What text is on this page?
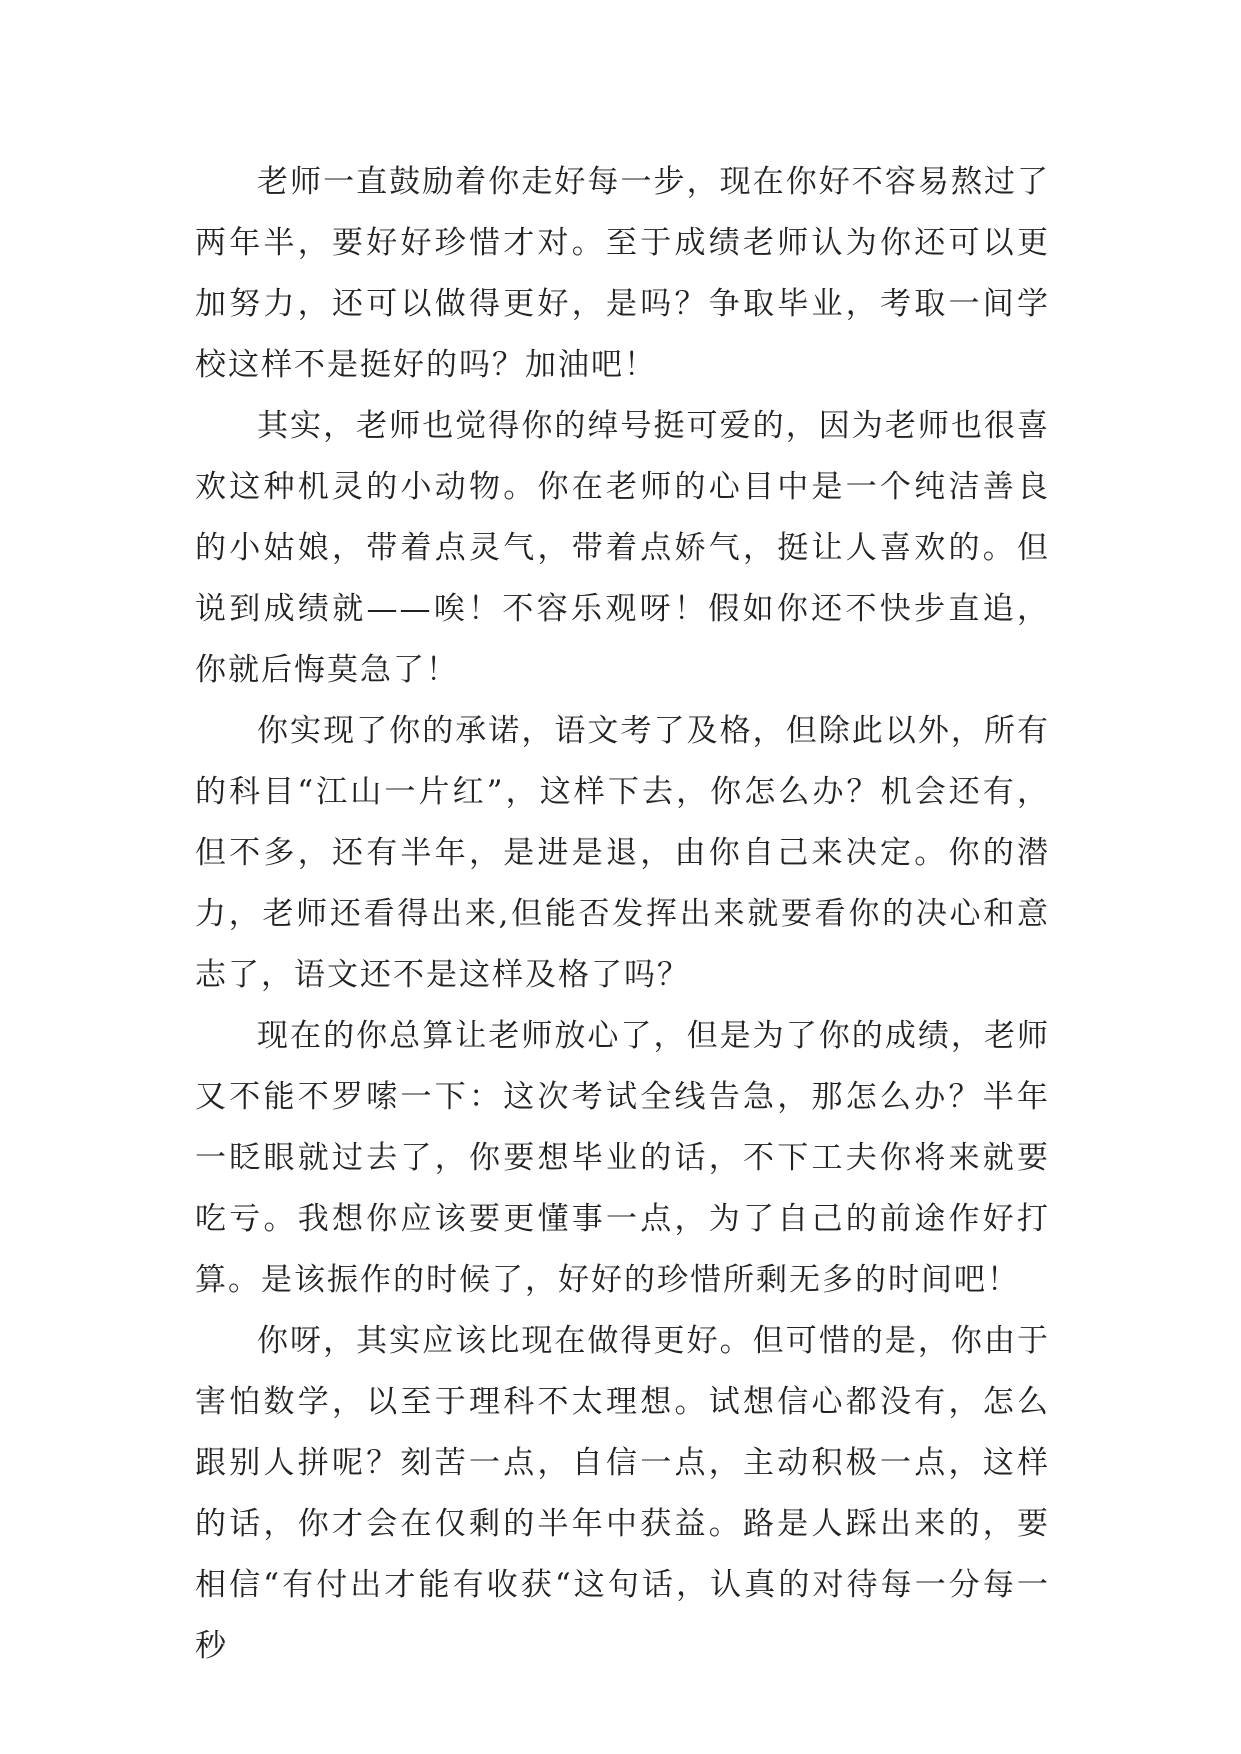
老师一直鼓励着你走好每一步，现在你好不容易熬过了两年半，要好好珍惜才对。至于成绩老师认为你还可以更加努力，还可以做得更好，是吗？争取毕业，考取一间学校这样不是挺好的吗？加油吧！

其实，老师也觉得你的绰号挺可爱的，因为老师也很喜欢这种机灵的小动物。你在老师的心目中是一个纯洁善良的小姑娘，带着点灵气，带着点娇气，挺让人喜欢的。但说到成绩就——唉！不容乐观呀！假如你还不快步直追，你就后悔莫急了！

你实现了你的承诺，语文考了及格，但除此以外，所有的科目“江山一片红”，这样下去，你怎么办？机会还有，但不多，还有半年，是进是退，由你自己来决定。你的潜力，老师还看得出来,但能否发挥出来就要看你的决心和意志了，语文还不是这样及格了吗？

现在的你总算让老师放心了，但是为了你的成绩，老师又不能不罗嗦一下：这次考试全线告急，那怎么办？半年一眨眼就过去了，你要想毕业的话，不下工夫你将来就要吃亏。我想你应该要更懂事一点，为了自己的前途作好打算。是该振作的时候了，好好的珍惜所剩无多的时间吧！

你呀，其实应该比现在做得更好。但可惜的是，你由于害怕数学，以至于理科不太理想。试想信心都没有，怎么跟别人拼呢？刻苦一点，自信一点，主动积极一点，这样的话，你才会在仅剩的半年中获益。路是人踩出来的，要相信“有付出才能有收获“这句话，认真的对待每一分每一秒
